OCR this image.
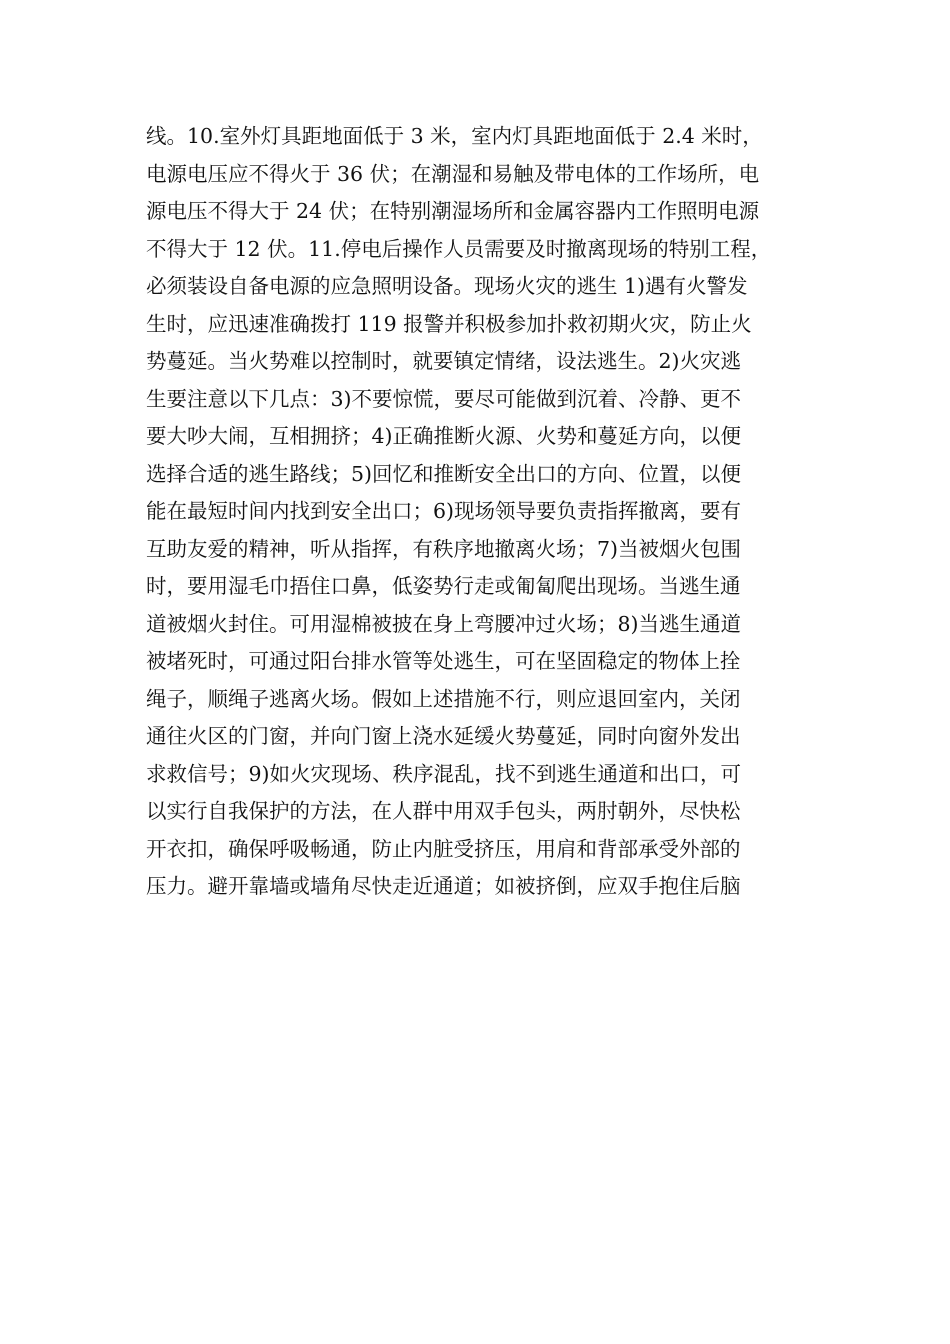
线。10.室外灯具距地面低于 3 米，室内灯具距地面低于 2.4 米时，
电源电压应不得火于 36 伏；在潮湿和易触及带电体的工作场所，电
源电压不得大于 24 伏；在特别潮湿场所和金属容器内工作照明电源
不得大于 12 伏。11.停电后操作人员需要及时撤离现场的特别工程，
必须装设自备电源的应急照明设备。现场火灾的逃生 1)遇有火警发
生时，应迅速准确拨打 119 报警并积极参加扑救初期火灾，防止火
势蔓延。当火势难以控制时，就要镇定情绪，设法逃生。2)火灾逃
生要注意以下几点：3)不要惊慌，要尽可能做到沉着、冷静、更不
要大吵大闹，互相拥挤；4)正确推断火源、火势和蔓延方向，以便
选择合适的逃生路线；5)回忆和推断安全出口的方向、位置，以便
能在最短时间内找到安全出口；6)现场领导要负责指挥撤离，要有
互助友爱的精神，听从指挥，有秩序地撤离火场；7)当被烟火包围
时，要用湿毛巾捂住口鼻，低姿势行走或匍匐爬出现场。当逃生通
道被烟火封住。可用湿棉被披在身上弯腰冲过火场；8)当逃生通道
被堵死时，可通过阳台排水管等处逃生，可在坚固稳定的物体上拴
绳子，顺绳子逃离火场。假如上述措施不行，则应退回室内，关闭
通往火区的门窗，并向门窗上浇水延缓火势蔓延，同时向窗外发出
求救信号；9)如火灾现场、秩序混乱，找不到逃生通道和出口，可
以实行自我保护的方法，在人群中用双手包头，两肘朝外，尽快松
开衣扣，确保呼吸畅通，防止内脏受挤压，用肩和背部承受外部的
压力。避开靠墙或墙角尽快走近通道；如被挤倒，应双手抱住后脑
